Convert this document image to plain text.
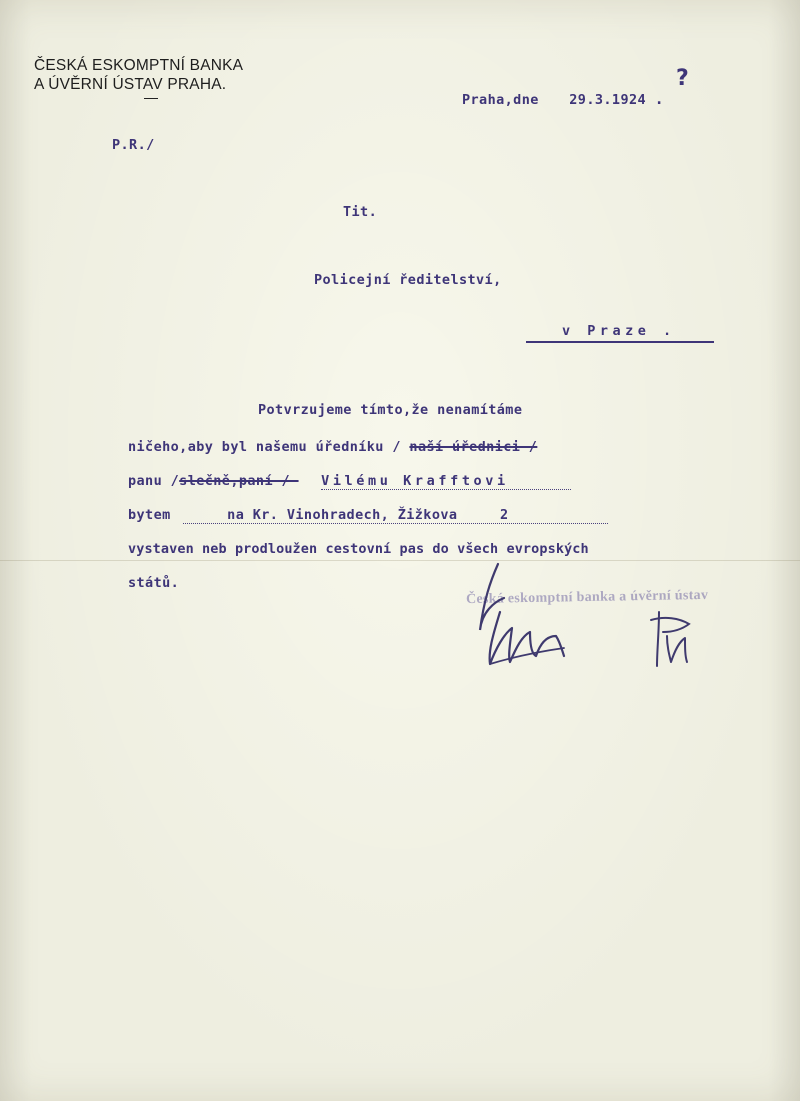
ČESKÁ ESKOMPTNÍ BANKA
A ÚVĚRNÍ ÚSTAV PRAHA.
Praha,dne 29.3.1924 .
?
P.R./
Tit.
Policejní ředitelství,
v Praze .
Potvrzujeme tímto,že nenamítáme
ničeho,aby byl našemu úředníku / naší úřednici /
panu /slečně,paní /- Vilému Krafftovi
bytem	na Kr. Vinohradech, Žižkova	2
vystaven neb prodloužen cestovní pas do všech evropských
států.
Česká eskomptní banka a úvěrní ústav
